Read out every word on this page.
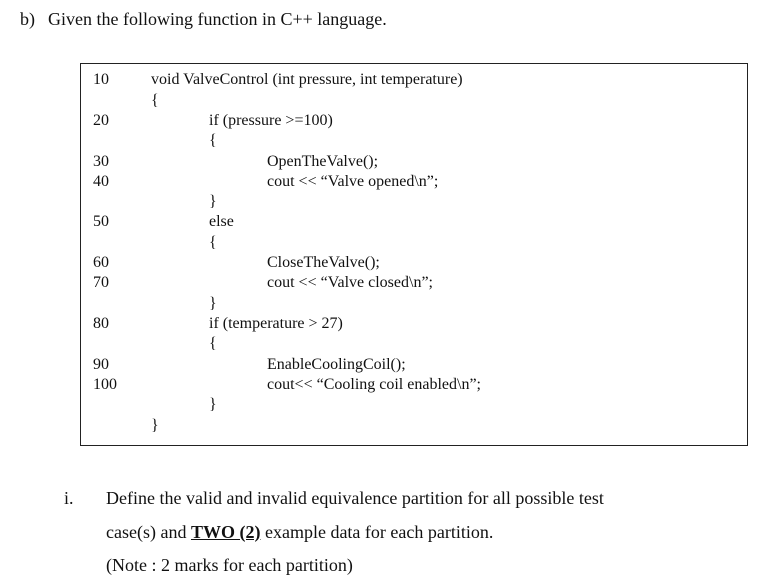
b) Given the following function in C++ language.
10	void ValveControl (int pressure, int temperature)
{
20	if (pressure >=100)
{
30	OpenTheValve();
40	cout << “Valve opened\n”;
}
50	else
{
60	CloseTheValve();
70	cout << “Valve closed\n”;
}
80	if (temperature > 27)
{
90	EnableCoolingCoil();
100	cout<< “Cooling coil enabled\n”;
}
}
i. Define the valid and invalid equivalence partition for all possible test
case(s) and TWO (2) example data for each partition.
(Note : 2 marks for each partition)
